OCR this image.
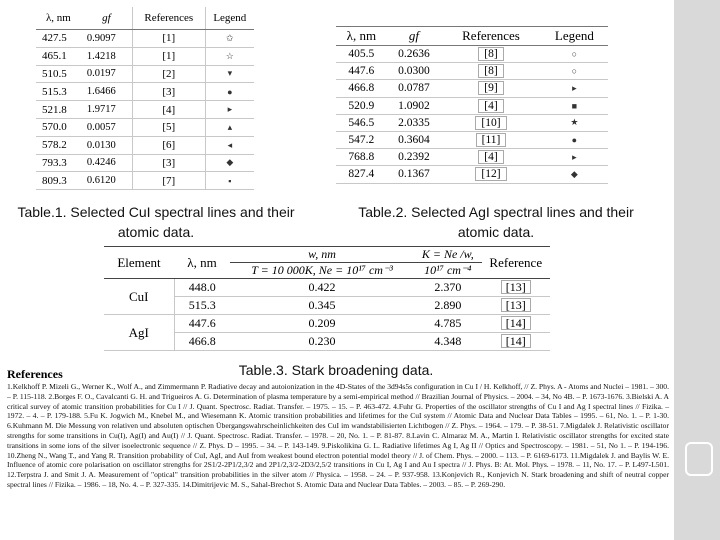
λ, nm	gf	References	Legend
427.5	0.9097	[1]	✩
465.1	1.4218	[1]	☆
510.5	0.0197	[2]	▾
515.3	1.6466	[3]	●
521.8	1.9717	[4]	▸
570.0	0.0057	[5]	▴
578.2	0.0130	[6]	◂
793.3	0.4246	[3]	◆
809.3	0.6120	[7]	▪
λ, nm	gf	References	Legend
405.5	0.2636	[8]	○
447.6	0.0300	[8]	○
466.8	0.0787	[9]	▸
520.9	1.0902	[4]	■
546.5	2.0335	[10]	★
547.2	0.3604	[11]	●
768.8	0.2392	[4]	▸
827.4	0.1367	[12]	◆
Table.1. Selected CuI spectral lines and their atomic data.
Table.2. Selected AgI spectral lines and their atomic data.
Element	λ, nm	w, nm	K = Ne /w,	Reference
		T = 10 000K, Ne = 10¹⁷ cm⁻³	10¹⁷ cm⁻⁴	
CuI	448.0	0.422	2.370	[13]
	515.3	0.345	2.890	[13]
AgI	447.6	0.209	4.785	[14]
	466.8	0.230	4.348	[14]
Table.3. Stark broadening data.
References
1.Kelkhoff P. Mizeli G., Werner K., Wolf A., and Zimmermann P. Radiative decay and autoionization in the 4D-States of the 3d94s5s configuration in Cu I / H. Kelkhoff, // Z. Phys. A - Atoms and Nuclei – 1981. – 300. – P. 115-118. 2.Borges F. O., Cavalcanti G. H. and Trigueiros A. G. Determination of plasma temperature by a semi-empirical method // Brazilian Journal of Physics. – 2004. – 34, No 4B. – P. 1673-1676. 3.Bielski A. A critical survey of atomic transition probabilities for Cu I // J. Quant. Spectrosc. Radiat. Transfer. – 1975. – 15. – P. 463-472. 4.Fuhr G. Properties of the oscillator strengths of Cu I and Ag I spectral lines // Fizika. – 1972. – 4. – P. 179-188. 5.Fu K. Jogwich M., Knebel M., and Wiesemann K. Atomic transition probabilities and lifetimes for the CuI system // Atomic Data and Nuclear Data Tables – 1995. – 61, No. 1. – P. 1-30. 6.Kuhmann M. Die Messung von relativen und absoluten optischen Übergangswahrscheinlichkeiten des CuI im wandstabilisierten Lichtbogen // Z. Phys. – 1964. – 179. – P. 38-51. 7.Migdalek J. Relativistic oscillator strengths for some transitions in Cu(I), Ag(I) and Au(I) // J. Quant. Spectrosc. Radiat. Transfer. – 1978. – 20, No. 1. – P. 81-87. 8.Lavin C. Almaraz M. A., Martin I. Relativistic oscillator strengths for excited state transitions in some ions of the silver isoelectronic sequence // Z. Phys. D – 1995. – 34. – P. 143-149. 9.Piskolikina G. L. Radiative lifetimes Ag I, Ag II // Optics and Spectroscopy. – 1981. – 51, No 1. – P. 194-196. 10.Zheng N., Wang T., and Yang R. Transition probability of CuI, AgI, and AuI from weakest bound electron potential model theory // J. of Chem. Phys. – 2000. – 113. – P. 6169-6173. 11.Migdalek J. and Baylis W. E. Influence of atomic core polarisation on oscillator strengths for 2S1/2-2P1/2,3/2 and 2P1/2,3/2-2D3/2,5/2 transitions in Cu I, Ag I and Au I spectra // J. Phys. B: At. Mol. Phys. – 1978. – 11, No. 17. – P. L497-L501. 12.Terpstra J. and Smit J. A. Measurement of "optical" transition probabilities in the silver atom // Physica. – 1958. – 24. – P. 937-958. 13.Konjevich R., Konjevich N. Stark broadening and shift of neutral copper spectral lines // Fizika. – 1986. – 18, No. 4. – P. 327-335. 14.Dimitrijevic M. S., Sahal-Brechot S. Atomic Data and Nuclear Data Tables. – 2003. – 85. – P. 269-290.
